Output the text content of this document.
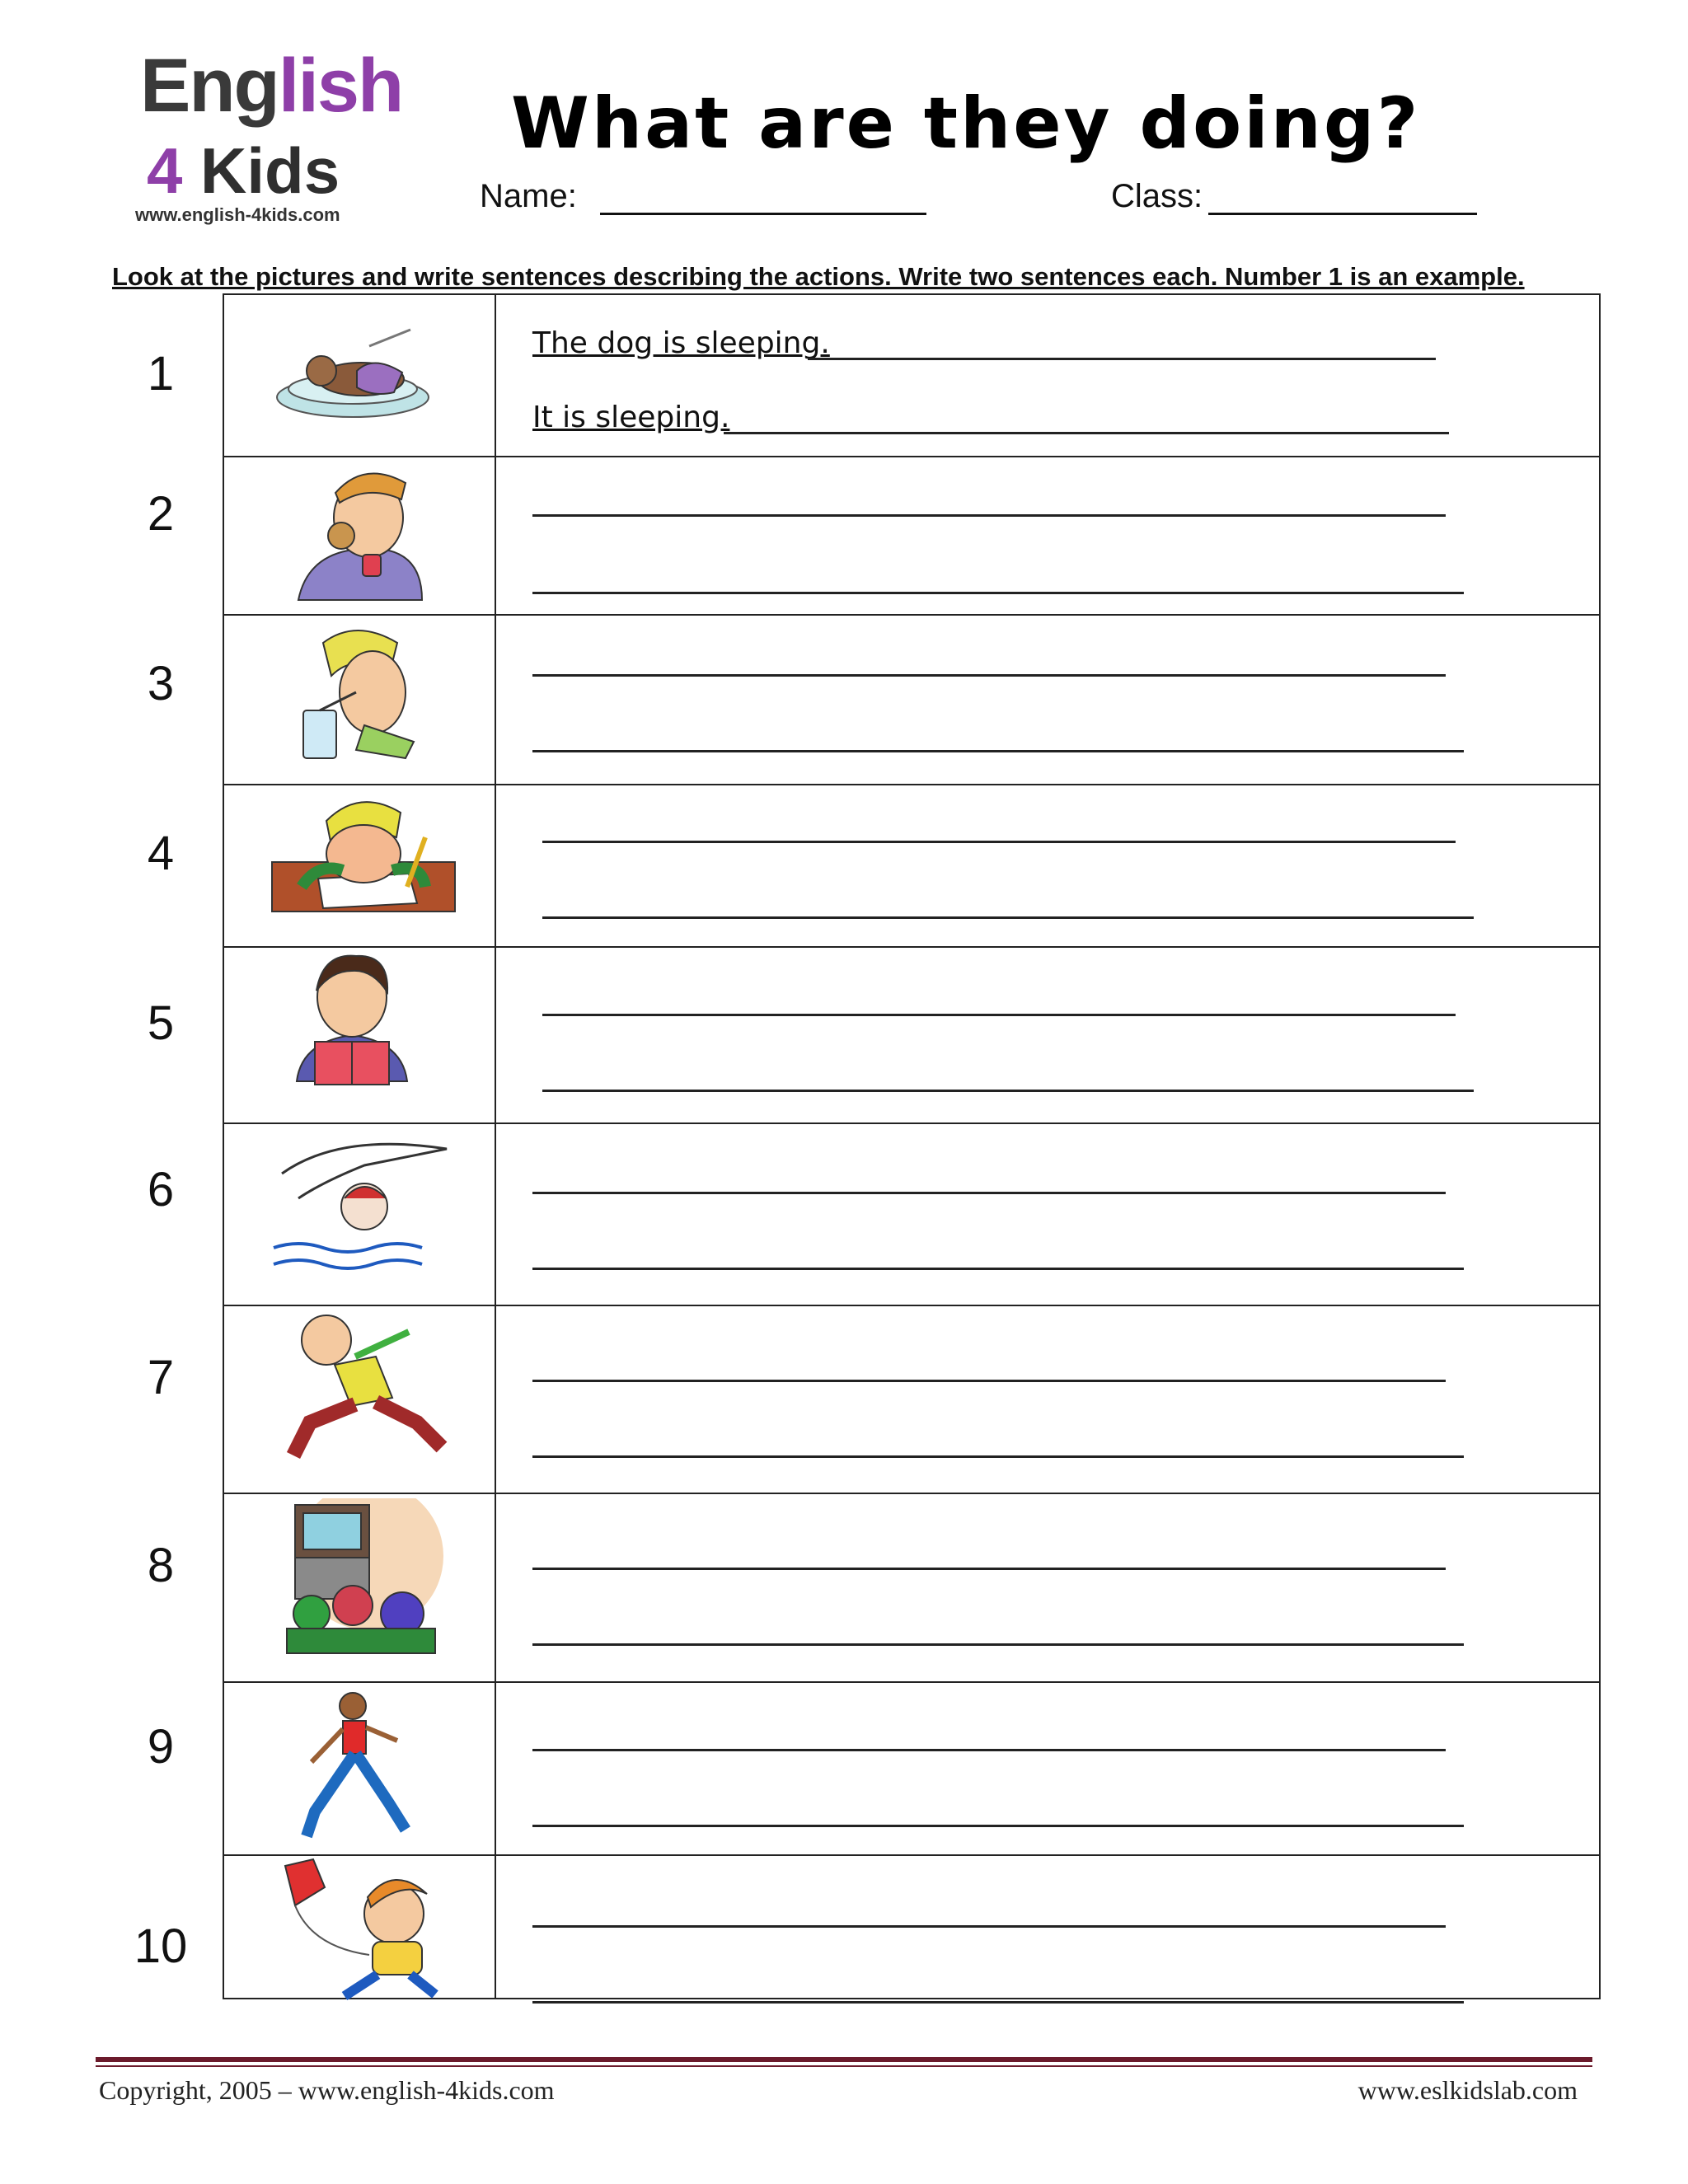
English
4 Kids
www.english-4kids.com
What are they doing?
Name:	Class:
Look at the pictures and write sentences describing the actions. Write two sentences each. Number 1 is an example.
1
2
3
4
5
6
7
8
9
10
The dog is sleeping.
It is sleeping.
Copyright, 2005 – www.english-4kids.com	www.eslkidslab.com
